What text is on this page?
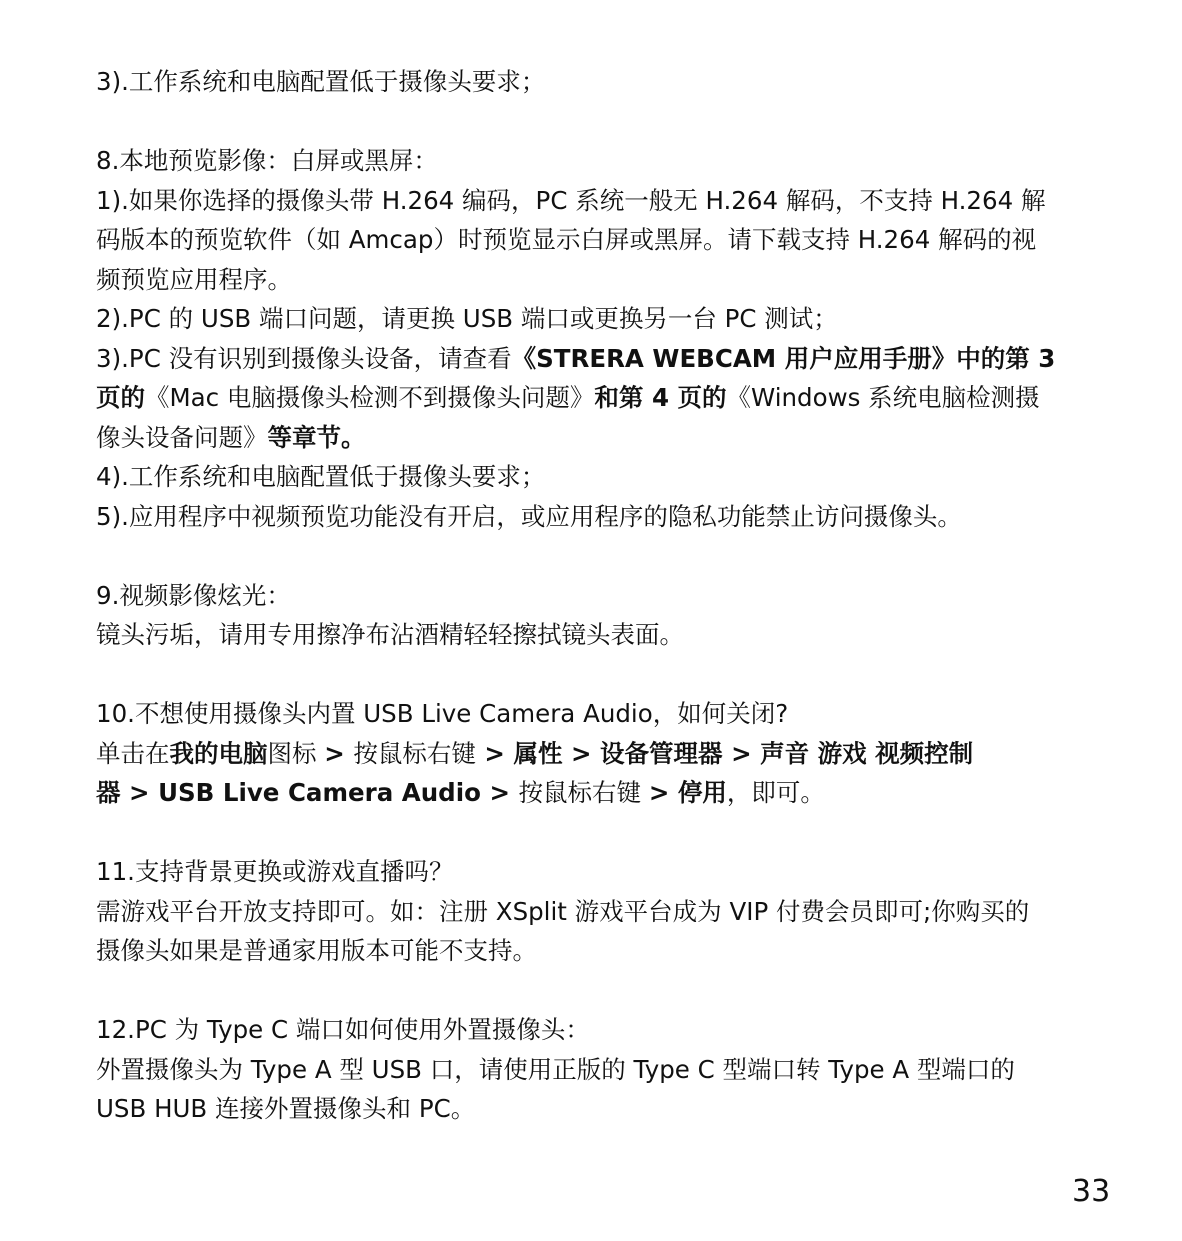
3).工作系统和电脑配置低于摄像头要求；
8.本地预览影像：白屏或黑屏：
1).如果你选择的摄像头带 H.264 编码，PC 系统一般无 H.264 解码，不支持 H.264 解
码版本的预览软件（如 Amcap）时预览显示白屏或黑屏。请下载支持 H.264 解码的视
频预览应用程序。
2).PC 的 USB 端口问题，请更换 USB 端口或更换另一台 PC 测试；
3).PC 没有识别到摄像头设备，请查看《STRERA WEBCAM 用户应用手册》中的第 3
页的《Mac 电脑摄像头检测不到摄像头问题》和第 4 页的《Windows 系统电脑检测摄
像头设备问题》等章节。
4).工作系统和电脑配置低于摄像头要求；
5).应用程序中视频预览功能没有开启，或应用程序的隐私功能禁止访问摄像头。
9.视频影像炫光：
镜头污垢，请用专用擦净布沾酒精轻轻擦拭镜头表面。
10.不想使用摄像头内置 USB Live Camera Audio，如何关闭?
单击在我的电脑图标 > 按鼠标右键 > 属性 > 设备管理器 > 声音 游戏 视频控制
器 > USB Live Camera Audio > 按鼠标右键 > 停用，即可。
11.支持背景更换或游戏直播吗？
需游戏平台开放支持即可。如：注册 XSplit 游戏平台成为 VIP 付费会员即可;你购买的
摄像头如果是普通家用版本可能不支持。
12.PC 为 Type C 端口如何使用外置摄像头：
外置摄像头为 Type A 型 USB 口，请使用正版的 Type C 型端口转 Type A 型端口的
USB HUB 连接外置摄像头和 PC。
33
